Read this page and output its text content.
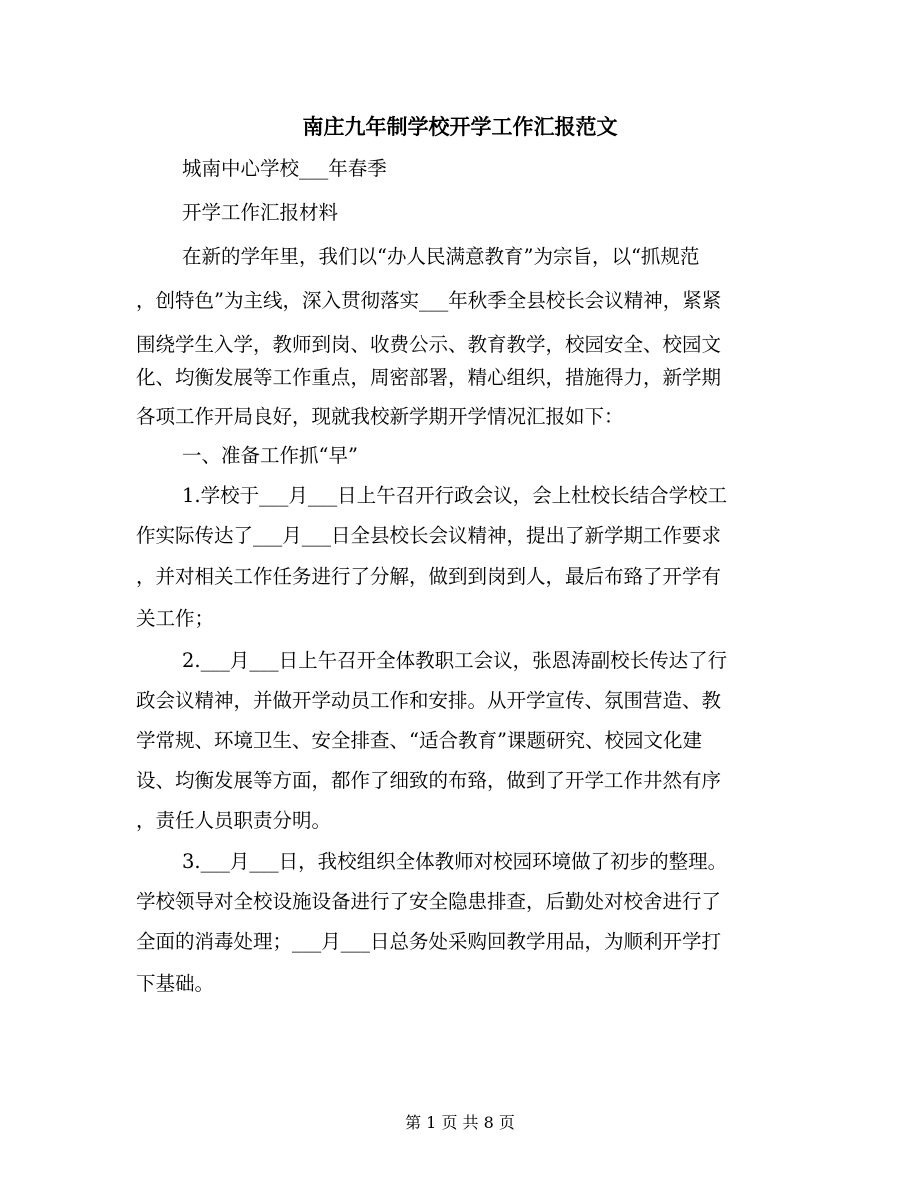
南庄九年制学校开学工作汇报范文
城南中心学校___年春季
开学工作汇报材料
在新的学年里，我们以“办人民满意教育”为宗旨，以“抓规范
，创特色”为主线，深入贯彻落实___年秋季全县校长会议精神，紧紧
围绕学生入学，教师到岗、收费公示、教育教学，校园安全、校园文
化、均衡发展等工作重点，周密部署，精心组织，措施得力，新学期
各项工作开局良好，现就我校新学期开学情况汇报如下：
一、准备工作抓“早”
1.学校于___月___日上午召开行政会议，会上杜校长结合学校工
作实际传达了___月___日全县校长会议精神，提出了新学期工作要求
，并对相关工作任务进行了分解，做到到岗到人，最后布臵了开学有
关工作；
2.___月___日上午召开全体教职工会议，张恩涛副校长传达了行
政会议精神，并做开学动员工作和安排。从开学宣传、氛围营造、教
学常规、环境卫生、安全排查、“适合教育”课题研究、校园文化建
设、均衡发展等方面，都作了细致的布臵，做到了开学工作井然有序
，责任人员职责分明。
3.___月___日，我校组织全体教师对校园环境做了初步的整理。
学校领导对全校设施设备进行了安全隐患排查，后勤处对校舍进行了
全面的消毒处理；___月___日总务处采购回教学用品，为顺利开学打
下基础。
第 1 页 共 8 页
